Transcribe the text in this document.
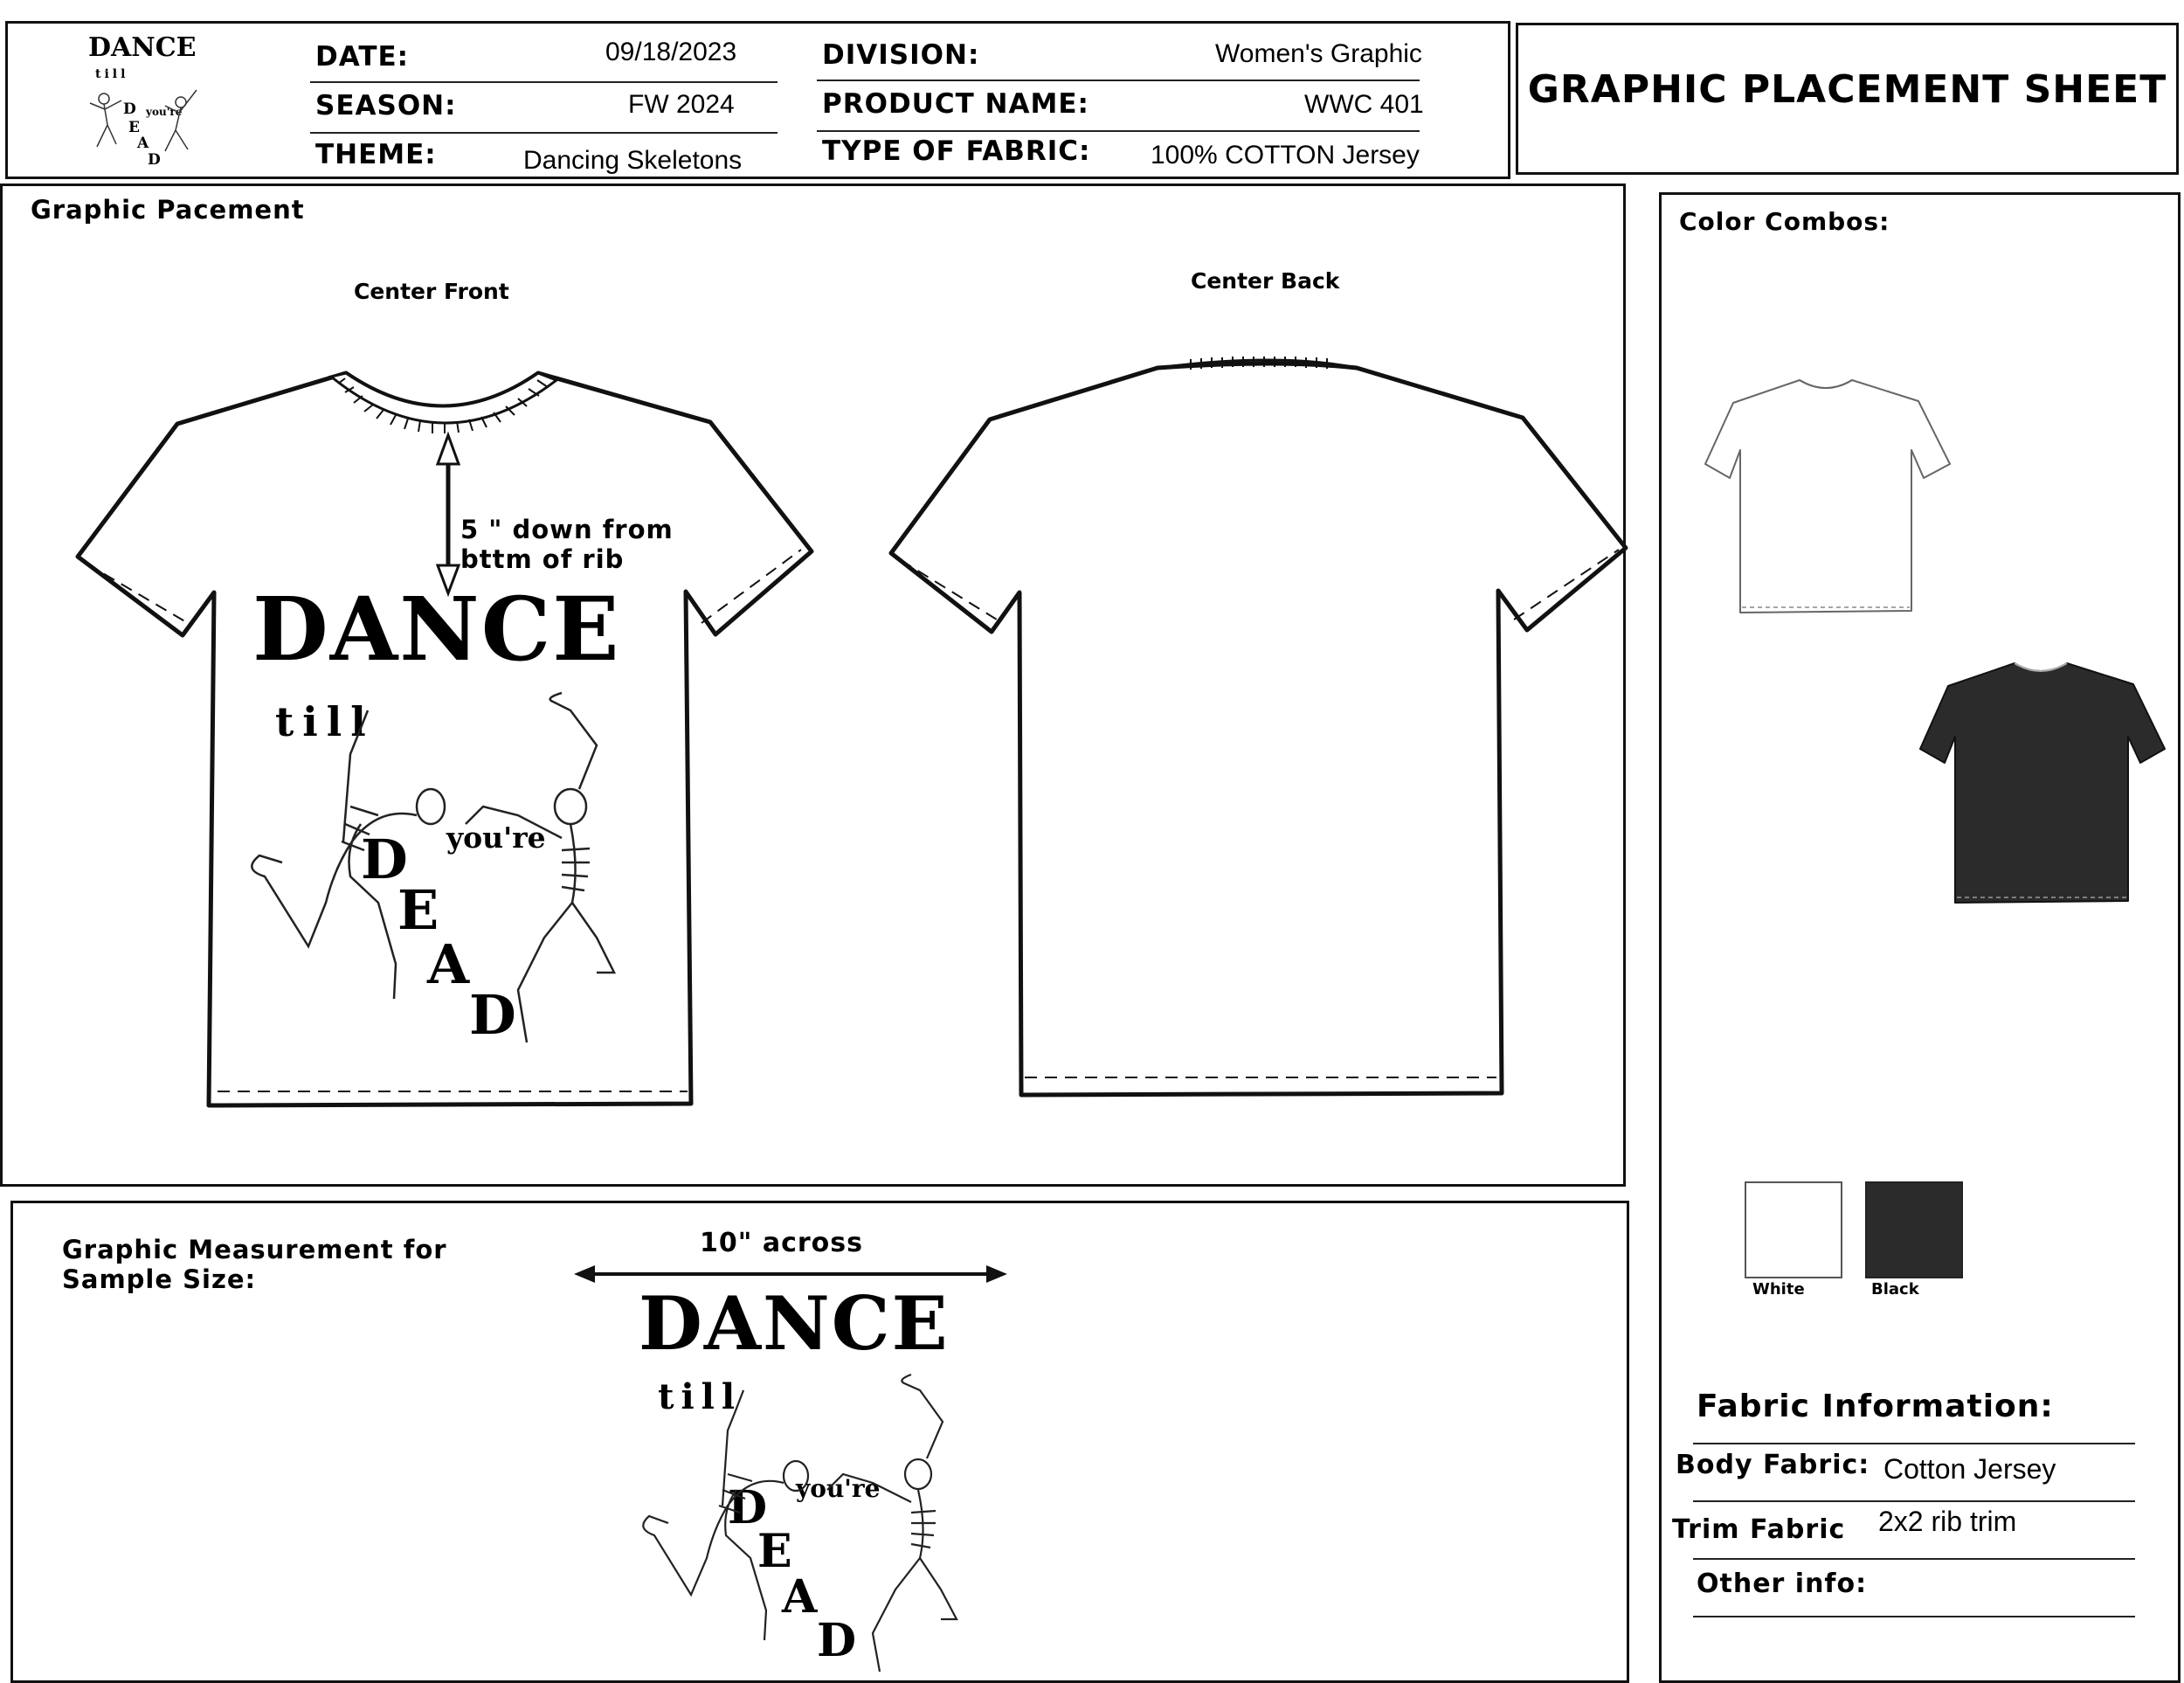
DANCE
till
you're
D
E
A
D
DATE:	09/18/2023
SEASON:	FW 2024
THEME:	Dancing Skeletons
DIVISION:	Women's Graphic
PRODUCT NAME:	WWC 401
TYPE OF FABRIC: 100% COTTON Jersey
GRAPHIC PLACEMENT SHEET
Graphic Pacement
Center Front	Center Back
5 " down from
bttm of rib
DANCE
till
you're
D
E
A
D
Graphic Measurement for
Sample Size:
10" across
DANCE
till
you're
D
E
A
D
Color Combos:
White	Black
Fabric Information:
Body Fabric: Cotton Jersey
Trim Fabric 2x2 rib trim
Other info:
